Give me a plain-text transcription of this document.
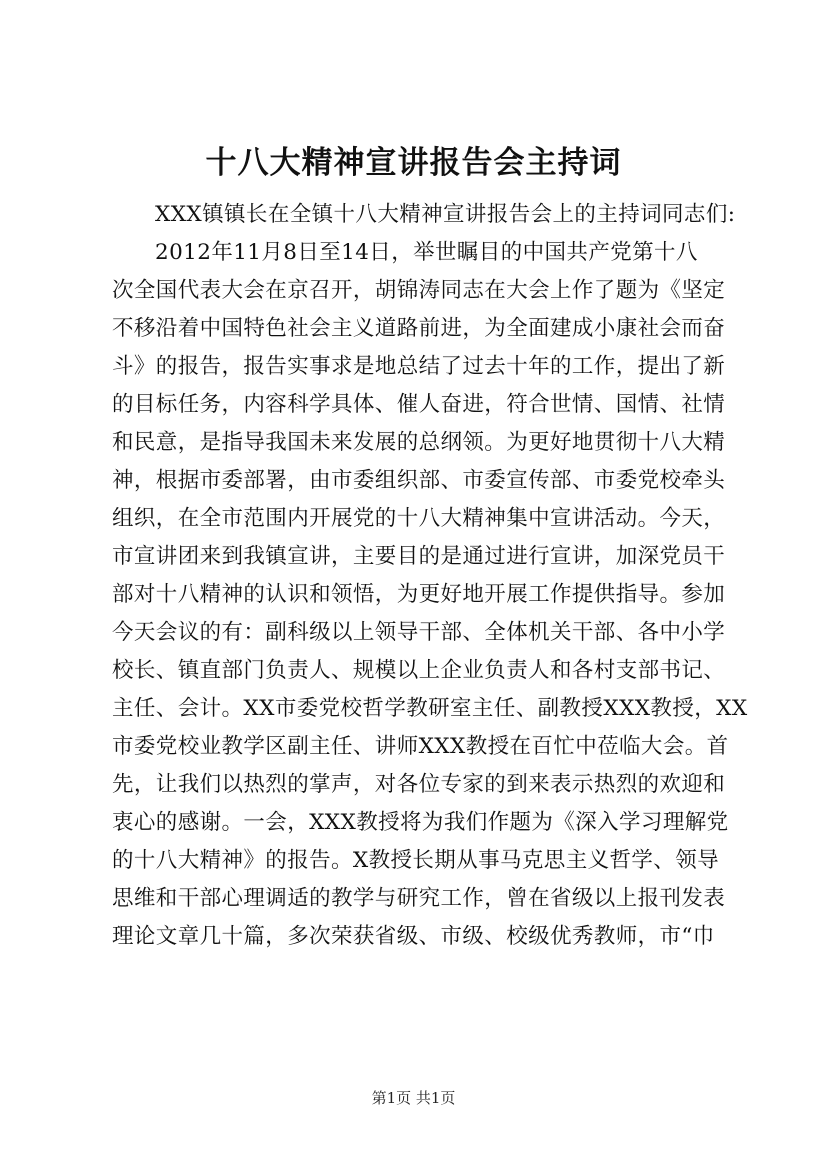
十八大精神宣讲报告会主持词
XXX镇镇长在全镇十八大精神宣讲报告会上的主持词同志们:
2012年11月8日至14日，举世瞩目的中国共产党第十八
次全国代表大会在京召开，胡锦涛同志在大会上作了题为《坚定
不移沿着中国特色社会主义道路前进，为全面建成小康社会而奋
斗》的报告，报告实事求是地总结了过去十年的工作，提出了新
的目标任务，内容科学具体、催人奋进，符合世情、国情、社情
和民意，是指导我国未来发展的总纲领。为更好地贯彻十八大精
神，根据市委部署，由市委组织部、市委宣传部、市委党校牵头
组织，在全市范围内开展党的十八大精神集中宣讲活动。今天，
市宣讲团来到我镇宣讲，主要目的是通过进行宣讲，加深党员干
部对十八精神的认识和领悟，为更好地开展工作提供指导。参加
今天会议的有：副科级以上领导干部、全体机关干部、各中小学
校长、镇直部门负责人、规模以上企业负责人和各村支部书记、
主任、会计。XX市委党校哲学教研室主任、副教授XXX教授，XX
市委党校业教学区副主任、讲师XXX教授在百忙中莅临大会。首
先，让我们以热烈的掌声，对各位专家的到来表示热烈的欢迎和
衷心的感谢。一会，XXX教授将为我们作题为《深入学习理解党
的十八大精神》的报告。X教授长期从事马克思主义哲学、领导
思维和干部心理调适的教学与研究工作，曾在省级以上报刊发表
理论文章几十篇，多次荣获省级、市级、校级优秀教师，市“巾
第1页 共1页
